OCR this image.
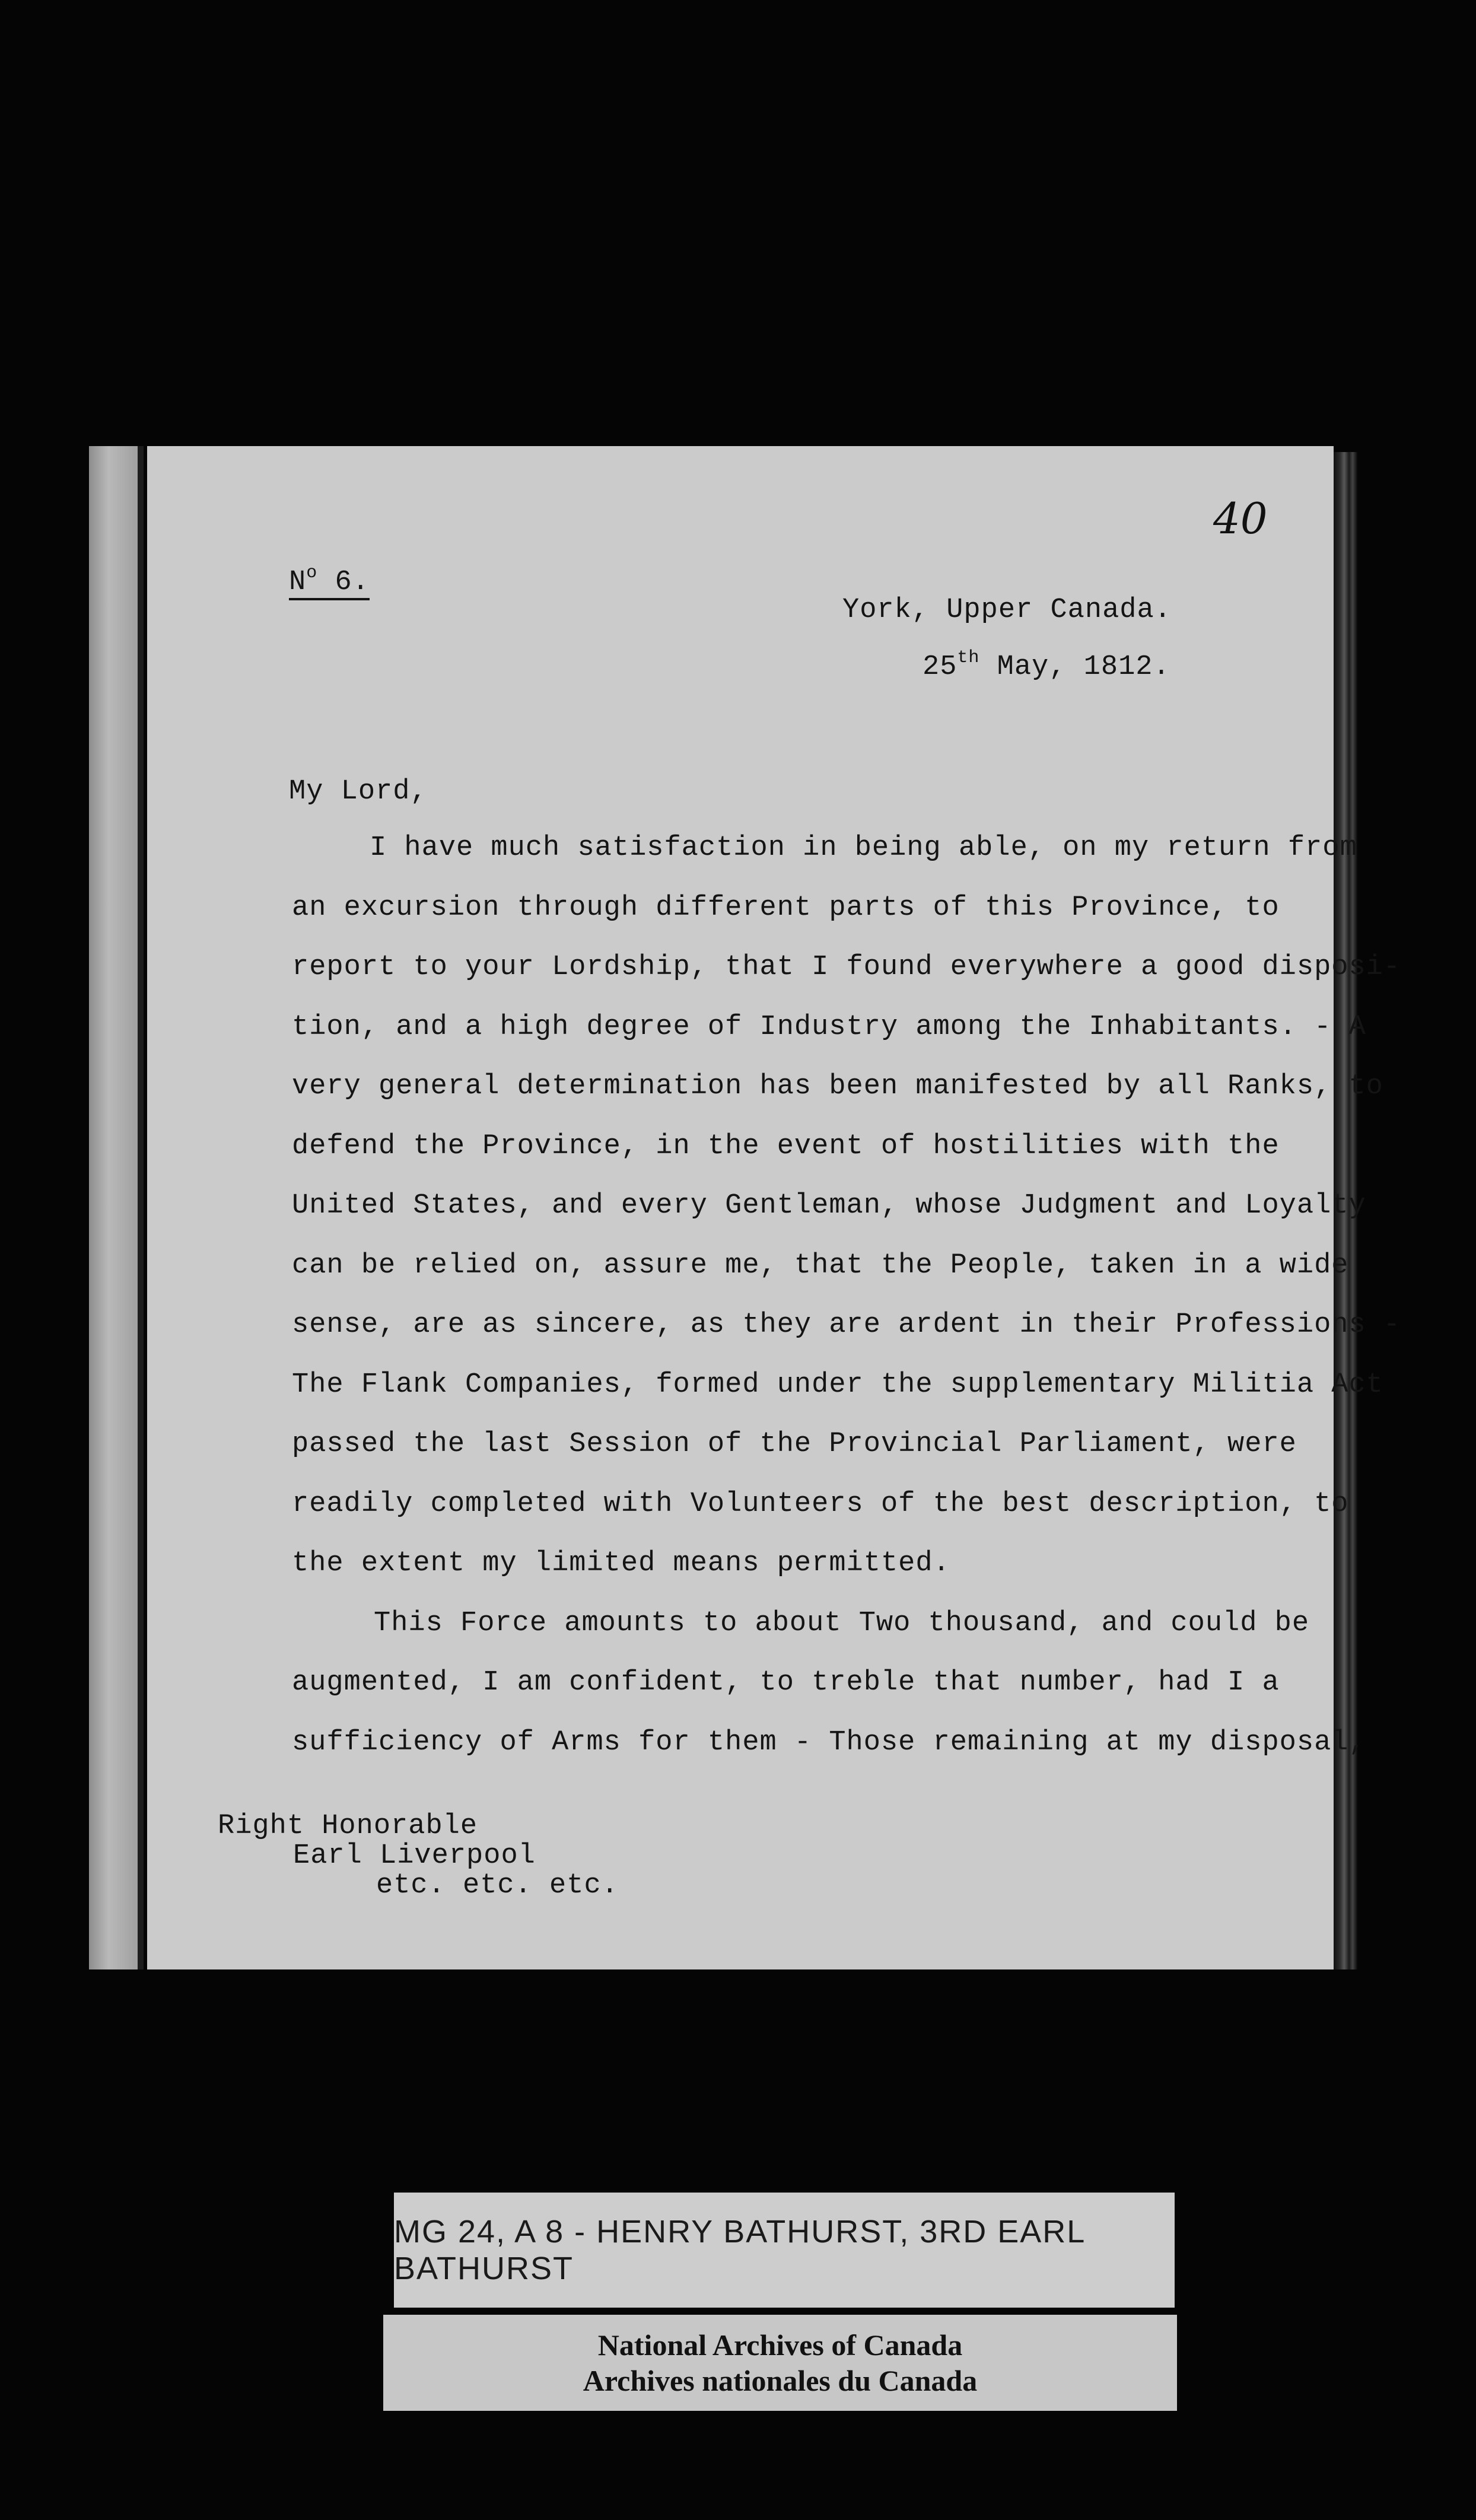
40
$N^o$ 6.
York, Upper Canada.
25th May, 1812.
My Lord,
I have much satisfaction in being able, on my return from
an excursion through different parts of this Province, to
report to your Lordship, that I found everywhere a good disposi-
tion, and a high degree of Industry among the Inhabitants. - A
very general determination has been manifested by all Ranks, to
defend the Province, in the event of hostilities with the
United States, and every Gentleman, whose Judgment and Loyalty
can be relied on, assure me, that the People, taken in a wide
sense, are as sincere, as they are ardent in their Professions -
The Flank Companies, formed under the supplementary Militia Act
passed the last Session of the Provincial Parliament, were
readily completed with Volunteers of the best description, to
the extent my limited means permitted.
This Force amounts to about Two thousand, and could be
augmented, I am confident, to treble that number, had I a
sufficiency of Arms for them - Those remaining at my disposal,
Right Honorable
Earl Liverpool
etc. etc. etc.
MG 24, A 8 - HENRY BATHURST, 3RD EARL BATHURST
National Archives of Canada
Archives nationales du Canada
